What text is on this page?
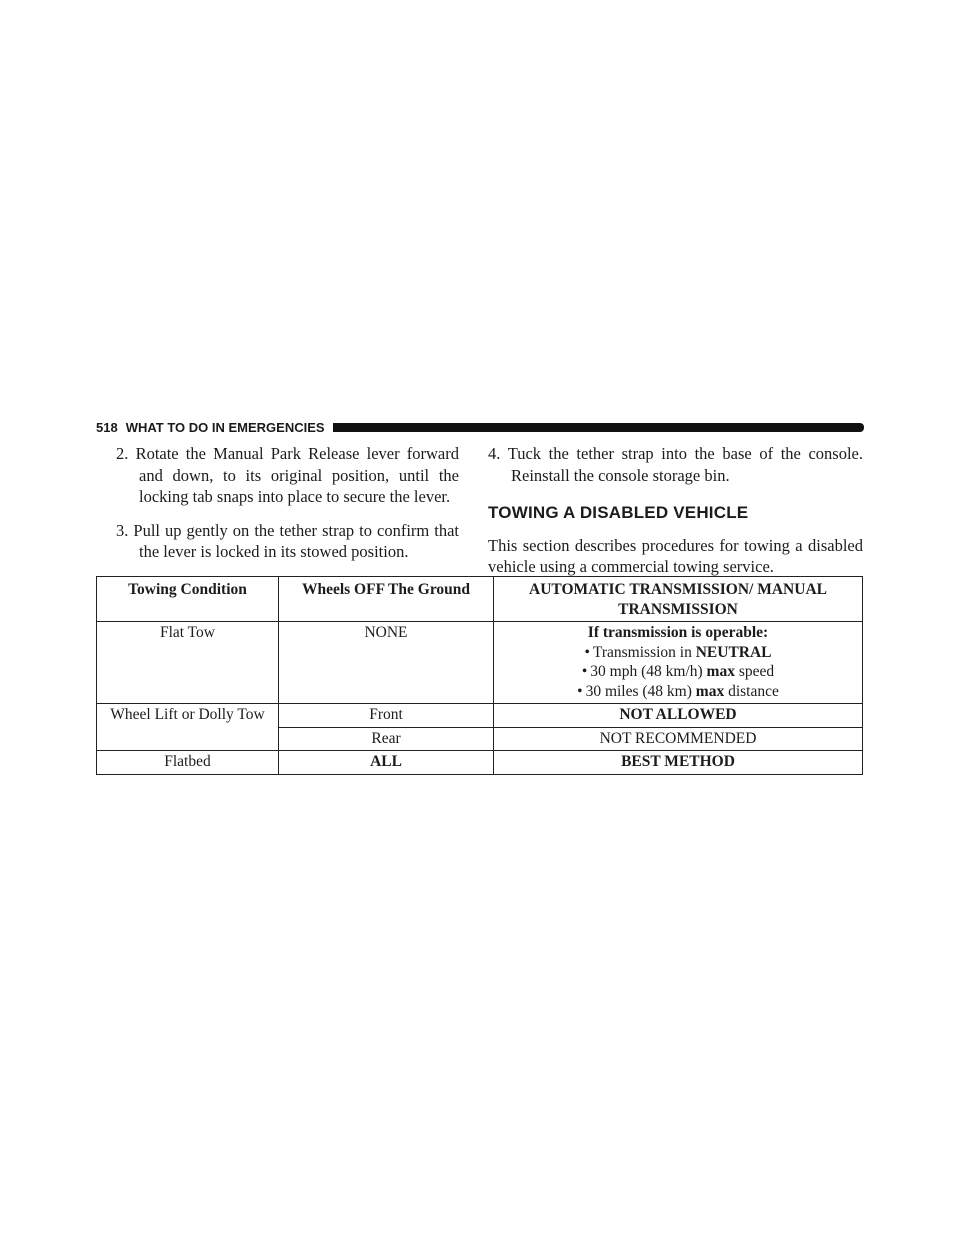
518 WHAT TO DO IN EMERGENCIES

2. Rotate the Manual Park Release lever forward and down, to its original position, until the locking tab snaps into place to secure the lever.

3. Pull up gently on the tether strap to confirm that the lever is locked in its stowed position.

4. Tuck the tether strap into the base of the console. Reinstall the console storage bin.

TOWING A DISABLED VEHICLE

This section describes procedures for towing a disabled vehicle using a commercial towing service.

Towing Condition	Wheels OFF The Ground	AUTOMATIC TRANSMISSION/ MANUAL TRANSMISSION
Flat Tow	NONE	If transmission is operable:
• Transmission in NEUTRAL
• 30 mph (48 km/h) max speed
• 30 miles (48 km) max distance

Wheel Lift or Dolly Tow	Front	NOT ALLOWED
	Rear	NOT RECOMMENDED
Flatbed	ALL	BEST METHOD
